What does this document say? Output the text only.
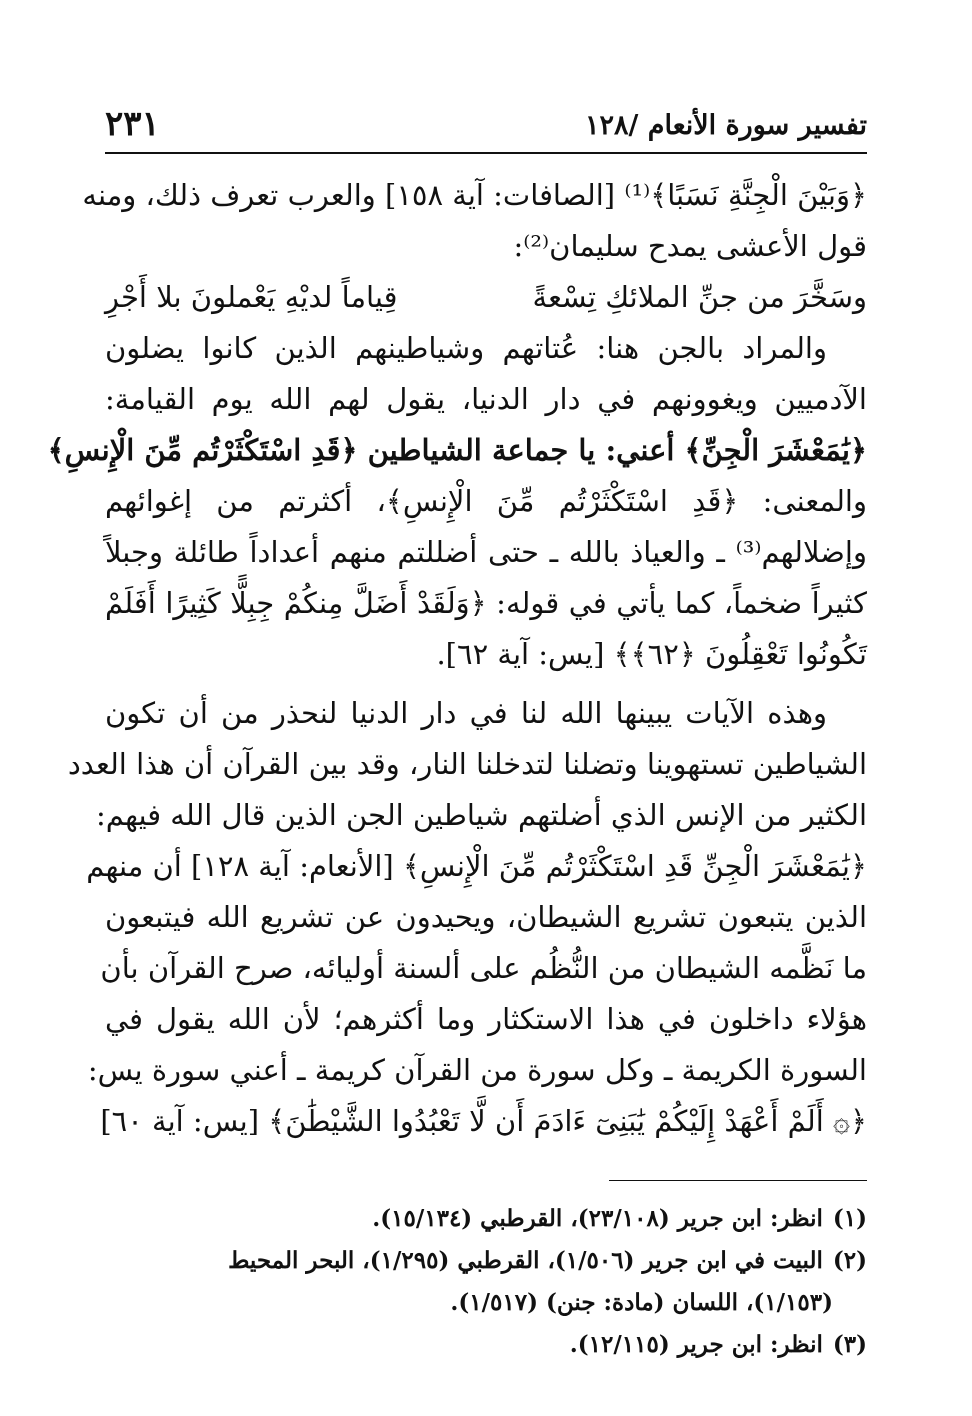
تفسير سورة الأنعام /١٢٨
٢٣١
﴿وَبَيْنَ الْجِنَّةِ نَسَبًا﴾⁽¹⁾ [الصافات: آية ١٥٨] والعرب تعرف ذلك، ومنه
قول الأعشى يمدح سليمان⁽²⁾:
وسَخَّرَ من جنِّ الملائكِ تِسْعةً
قِياماً لديْهِ يَعْملونَ بلا أَجْرِ
والمراد بالجن هنا: عُتاتهم وشياطينهم الذين كانوا يضلون
الآدميين ويغوونهم في دار الدنيا، يقول لهم الله يوم القيامة:
﴿يَٰمَعْشَرَ الْجِنِّ﴾ أعني: يا جماعة الشياطين ﴿قَدِ اسْتَكْثَرْتُم مِّنَ الْإِنسِ﴾
والمعنى: ﴿قَدِ اسْتَكْثَرْتُم مِّنَ الْإِنسِ﴾، أكثرتم من إغوائهم
وإضلالهم⁽³⁾ ـ والعياذ بالله ـ حتى أضللتم منهم أعداداً طائلة وجبلاً
كثيراً ضخماً، كما يأتي في قوله: ﴿وَلَقَدْ أَضَلَّ مِنكُمْ جِبِلًّا كَثِيرًا أَفَلَمْ
تَكُونُوا تَعْقِلُونَ ﴿٦٢﴾﴾ [يس: آية ٦٢].
وهذه الآيات يبينها الله لنا في دار الدنيا لنحذر من أن تكون
الشياطين تستهوينا وتضلنا لتدخلنا النار، وقد بين القرآن أن هذا العدد
الكثير من الإنس الذي أضلتهم شياطين الجن الذين قال الله فيهم:
﴿يَٰمَعْشَرَ الْجِنِّ قَدِ اسْتَكْثَرْتُم مِّنَ الْإِنسِ﴾ [الأنعام: آية ١٢٨] أن منهم
الذين يتبعون تشريع الشيطان، ويحيدون عن تشريع الله فيتبعون
ما نَظَّمه الشيطان من النُّظُم على ألسنة أوليائه، صرح القرآن بأن
هؤلاء داخلون في هذا الاستكثار وما أكثرهم؛ لأن الله يقول في
السورة الكريمة ـ وكل سورة من القرآن كريمة ـ أعني سورة يس:
﴿۞ أَلَمْ أَعْهَدْ إِلَيْكُمْ يَٰبَنِىٓ ءَادَمَ أَن لَّا تَعْبُدُوا الشَّيْطَٰنَ﴾ [يس: آية ٦٠]
(١)انظر: ابن جرير (٢٣/١٠٨)، القرطبي (١٥/١٣٤).
(٢)البيت في ابن جرير (١/٥٠٦)، القرطبي (١/٢٩٥)، البحر المحيط
(١/١٥٣)، اللسان (مادة: جنن) (١/٥١٧).
(٣)انظر: ابن جرير (١٢/١١٥).
